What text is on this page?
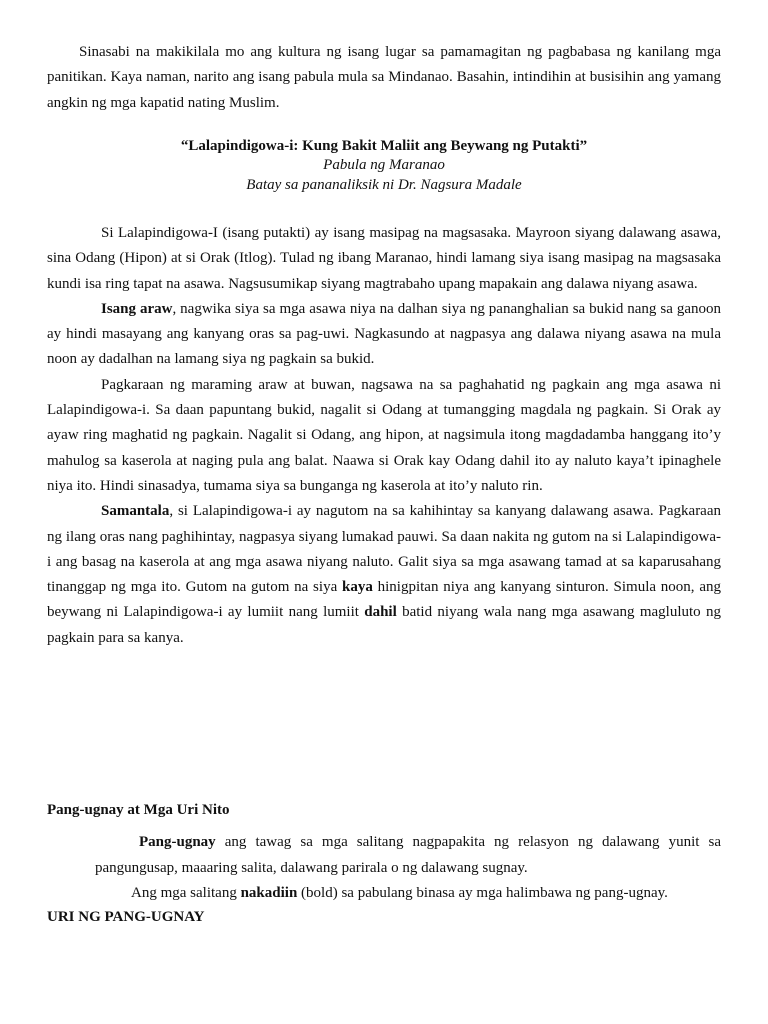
Sinasabi na makikilala mo ang kultura ng isang lugar sa pamamagitan ng pagbabasa ng kanilang mga panitikan. Kaya naman, narito ang isang pabula mula sa Mindanao. Basahin, intindihin at busisihin ang yamang angkin ng mga kapatid nating Muslim.

“Lalapindigowa-i: Kung Bakit Maliit ang Beywang ng Putakti”

Pabula ng Maranao

Batay sa pananaliksik ni Dr. Nagsura Madale

Si Lalapindigowa-I (isang putakti) ay isang masipag na magsasaka. Mayroon siyang dalawang asawa, sina Odang (Hipon) at si Orak (Itlog). Tulad ng ibang Maranao, hindi lamang siya isang masipag na magsasaka kundi isa ring tapat na asawa. Nagsusumikap siyang magtrabaho upang mapakain ang dalawa niyang asawa.

Isang araw, nagwika siya sa mga asawa niya na dalhan siya ng pananghalian sa bukid nang sa ganoon ay hindi masayang ang kanyang oras sa pag-uwi. Nagkasundo at nagpasya ang dalawa niyang asawa na mula noon ay dadalhan na lamang siya ng pagkain sa bukid.

Pagkaraan ng maraming araw at buwan, nagsawa na sa paghahatid ng pagkain ang mga asawa ni Lalapindigowa-i. Sa daan papuntang bukid, nagalit si Odang at tumangging magdala ng pagkain. Si Orak ay ayaw ring maghatid ng pagkain. Nagalit si Odang, ang hipon, at nagsimula itong magdadamba hanggang ito’y mahulog sa kaserola at naging pula ang balat. Naawa si Orak kay Odang dahil ito ay naluto kaya’t ipinaghele niya ito. Hindi sinasadya, tumama siya sa bunganga ng kaserola at ito’y naluto rin.

Samantala, si Lalapindigowa-i ay nagutom na sa kahihintay sa kanyang dalawang asawa. Pagkaraan ng ilang oras nang paghihintay, nagpasya siyang lumakad pauwi. Sa daan nakita ng gutom na si Lalapindigowa-i ang basag na kaserola at ang mga asawa niyang naluto. Galit siya sa mga asawang tamad at sa kaparusahang tinanggap ng mga ito. Gutom na gutom na siya kaya hinigpitan niya ang kanyang sinturon. Simula noon, ang beywang ni Lalapindigowa-i ay lumiit nang lumiit dahil batid niyang wala nang mga asawang magluluto ng pagkain para sa kanya.

Pang-ugnay at Mga Uri Nito

Pang-ugnay ang tawag sa mga salitang nagpapakita ng relasyon ng dalawang yunit sa pangungusap, maaaring salita, dalawang parirala o ng dalawang sugnay.

Ang mga salitang nakadiin (bold) sa pabulang binasa ay mga halimbawa ng pang-ugnay.

URI NG PANG-UGNAY
